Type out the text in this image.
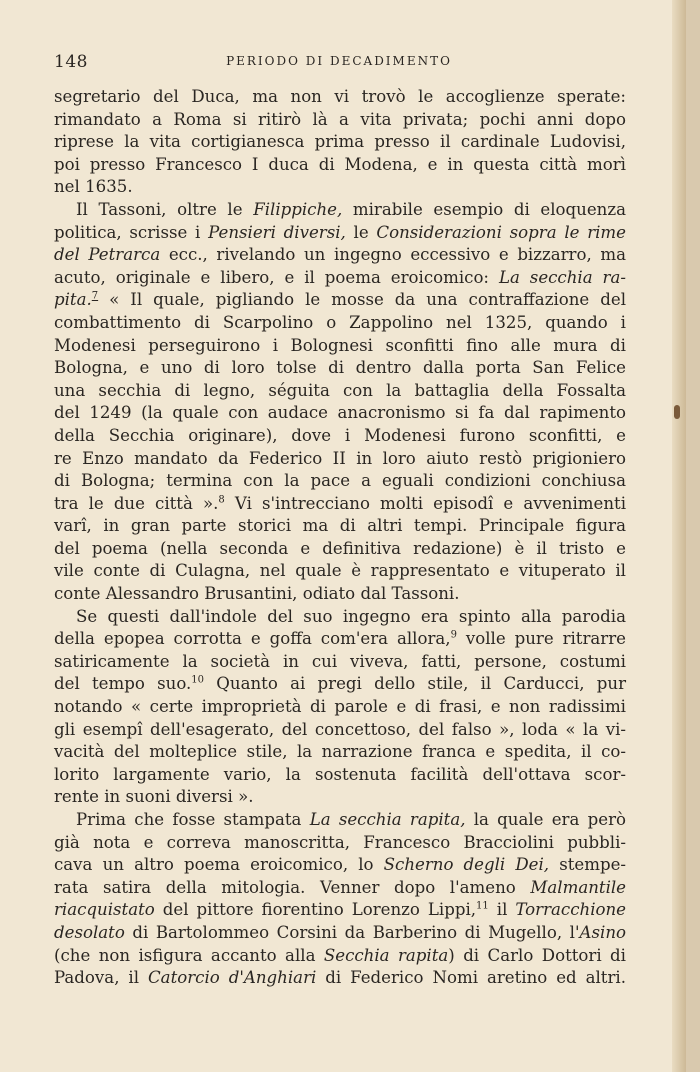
148	PERIODO DI DECADIMENTO
segretario del Duca, ma non vi trovò le accoglienze sperate:
rimandato a Roma si ritirò là a vita privata; pochi anni dopo
riprese la vita cortigianesca prima presso il cardinale Ludovisi,
poi presso Francesco I duca di Modena, e in questa città morì
nel 1635.
Il Tassoni, oltre le Filippiche, mirabile esempio di eloquenza
politica, scrisse i Pensieri diversi, le Considerazioni sopra le rime
del Petrarca ecc., rivelando un ingegno eccessivo e bizzarro, ma
acuto, originale e libero, e il poema eroicomico: La secchia ra-
pita.$^7$ « Il quale, pigliando le mosse da una contraffazione del
combattimento di Scarpolino o Zappolino nel 1325, quando i
Modenesi perseguirono i Bolognesi sconfitti fino alle mura di
Bologna, e uno di loro tolse di dentro dalla porta San Felice
una secchia di legno, séguita con la battaglia della Fossalta
del 1249 (la quale con audace anacronismo si fa dal rapimento
della Secchia originare), dove i Modenesi furono sconfitti, e
re Enzo mandato da Federico II in loro aiuto restò prigioniero
di Bologna; termina con la pace a eguali condizioni conchiusa
tra le due città ».$^8$ Vi s'intrecciano molti episodî e avvenimenti
varî, in gran parte storici ma di altri tempi. Principale figura
del poema (nella seconda e definitiva redazione) è il tristo e
vile conte di Culagna, nel quale è rappresentato e vituperato il
conte Alessandro Brusantini, odiato dal Tassoni.
Se questi dall'indole del suo ingegno era spinto alla parodia
della epopea corrotta e goffa com'era allora,$^9$ volle pure ritrarre
satiricamente la società in cui viveva, fatti, persone, costumi
del tempo suo.$^{10}$ Quanto ai pregi dello stile, il Carducci, pur
notando « certe improprietà di parole e di frasi, e non radissimi
gli esempî dell'esagerato, del concettoso, del falso », loda « la vi-
vacità del molteplice stile, la narrazione franca e spedita, il co-
lorito largamente vario, la sostenuta facilità dell'ottava scor-
rente in suoni diversi ».
Prima che fosse stampata La secchia rapita, la quale era però
già nota e correva manoscritta, Francesco Bracciolini pubbli-
cava un altro poema eroicomico, lo Scherno degli Dei, stempe-
rata satira della mitologia. Venner dopo l'ameno Malmantile
riacquistato del pittore fiorentino Lorenzo Lippi,$^{11}$ il Torracchione
desolato di Bartolommeo Corsini da Barberino di Mugello, l'Asino
(che non isfigura accanto alla Secchia rapita) di Carlo Dottori di
Padova, il Catorcio d'Anghiari di Federico Nomi aretino ed altri.
